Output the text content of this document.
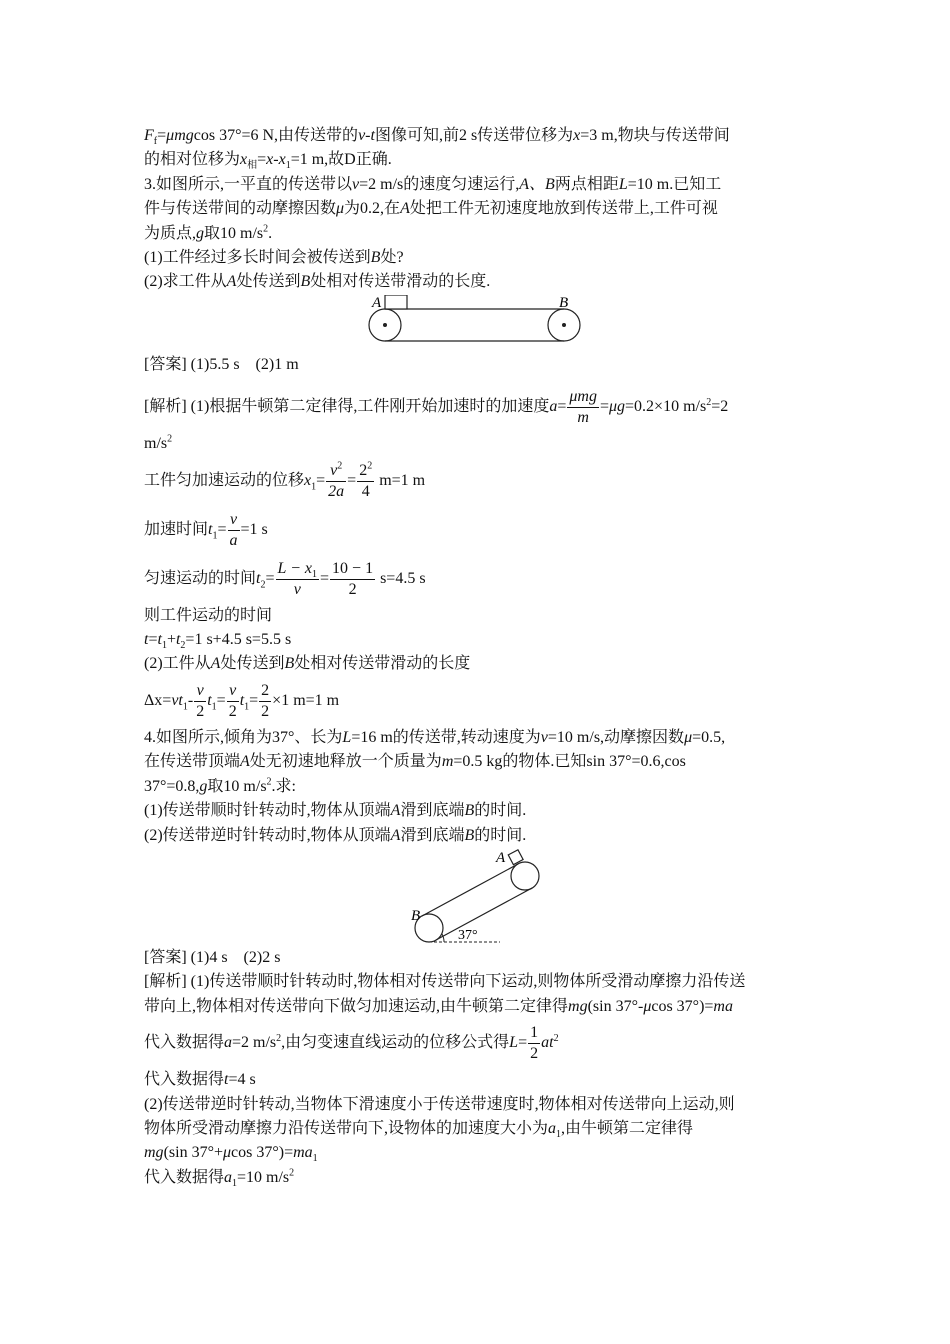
$F_f=\mu mgcos$ 37°=6 N,由传送带的v-t图像可知,前2 s传送带位移为x=3 m,物块与传送带间
的相对位移为$x_相=x-x_1=1$ m,故D正确.
3.如图所示,一平直的传送带以v=2 m/s的速度匀速运行,A、B两点相距L=10 m.已知工
件与传送带间的动摩擦因数μ为0.2,在A处把工件无初速度地放到传送带上,工件可视
为质点,g取10 $m/s^2$.
(1)工件经过多长时间会被传送到B处?
(2)求工件从A处传送到B处相对传送带滑动的长度.
A	B
[答案] (1)5.5 s　(2)1 m
[解析] (1)根据牛顿第二定律得,工件刚开始加速时的加速度$a= \frac{\text{μmg}}{m} =\mu g=0.2\times 10$ $m/s^2=2$
$m/s^2$
工件匀加速运动的位移$x_1= \frac{v^2}{2a} = \frac{2^2}{4} m=1$ m
加速时间$t_1= \frac{v}{a} =1$ s
匀速运动的时间$t_2= \frac{L - x_1}{v} = \frac{10 - 1}{2} s=4.5$ s
则工件运动的时间
$t=t_1+t_2=1$ s+4.5 s=5.5 s
(2)工件从A处传送到B处相对传送带滑动的长度
$\Delta x=vt_1- \frac{v}{2} t_1= \frac{v}{2} t_1= \frac{2}{2} \times 1$ m=1 m
4.如图所示,倾角为37°、长为L=16 m的传送带,转动速度为v=10 m/s,动摩擦因数μ=0.5,
在传送带顶端A处无初速地释放一个质量为m=0.5 kg的物体.已知sin 37°=0.6,cos
37°=0.8,g取10 $m/s^2$.求:
(1)传送带顺时针转动时,物体从顶端A滑到底端B的时间.
(2)传送带逆时针转动时,物体从顶端A滑到底端B的时间.
A
B
37°
[答案] (1)4 s　(2)2 s
[解析] (1)传送带顺时针转动时,物体相对传送带向下运动,则物体所受滑动摩擦力沿传送
带向上,物体相对传送带向下做匀加速运动,由牛顿第二定律得mg(sin 37°-μcos 37°)=ma
代入数据得a=2 $m/s^2$,由匀变速直线运动的位移公式得$L= \frac{1}{2} at^2$
代入数据得t=4 s
(2)传送带逆时针转动,当物体下滑速度小于传送带速度时,物体相对传送带向上运动,则
物体所受滑动摩擦力沿传送带向下,设物体的加速度大小为$a_1$,由牛顿第二定律得
mg(sin 37°+μcos $37^\circ)=ma_1$
代入数据得$a_1=10$ $m/s^2$
